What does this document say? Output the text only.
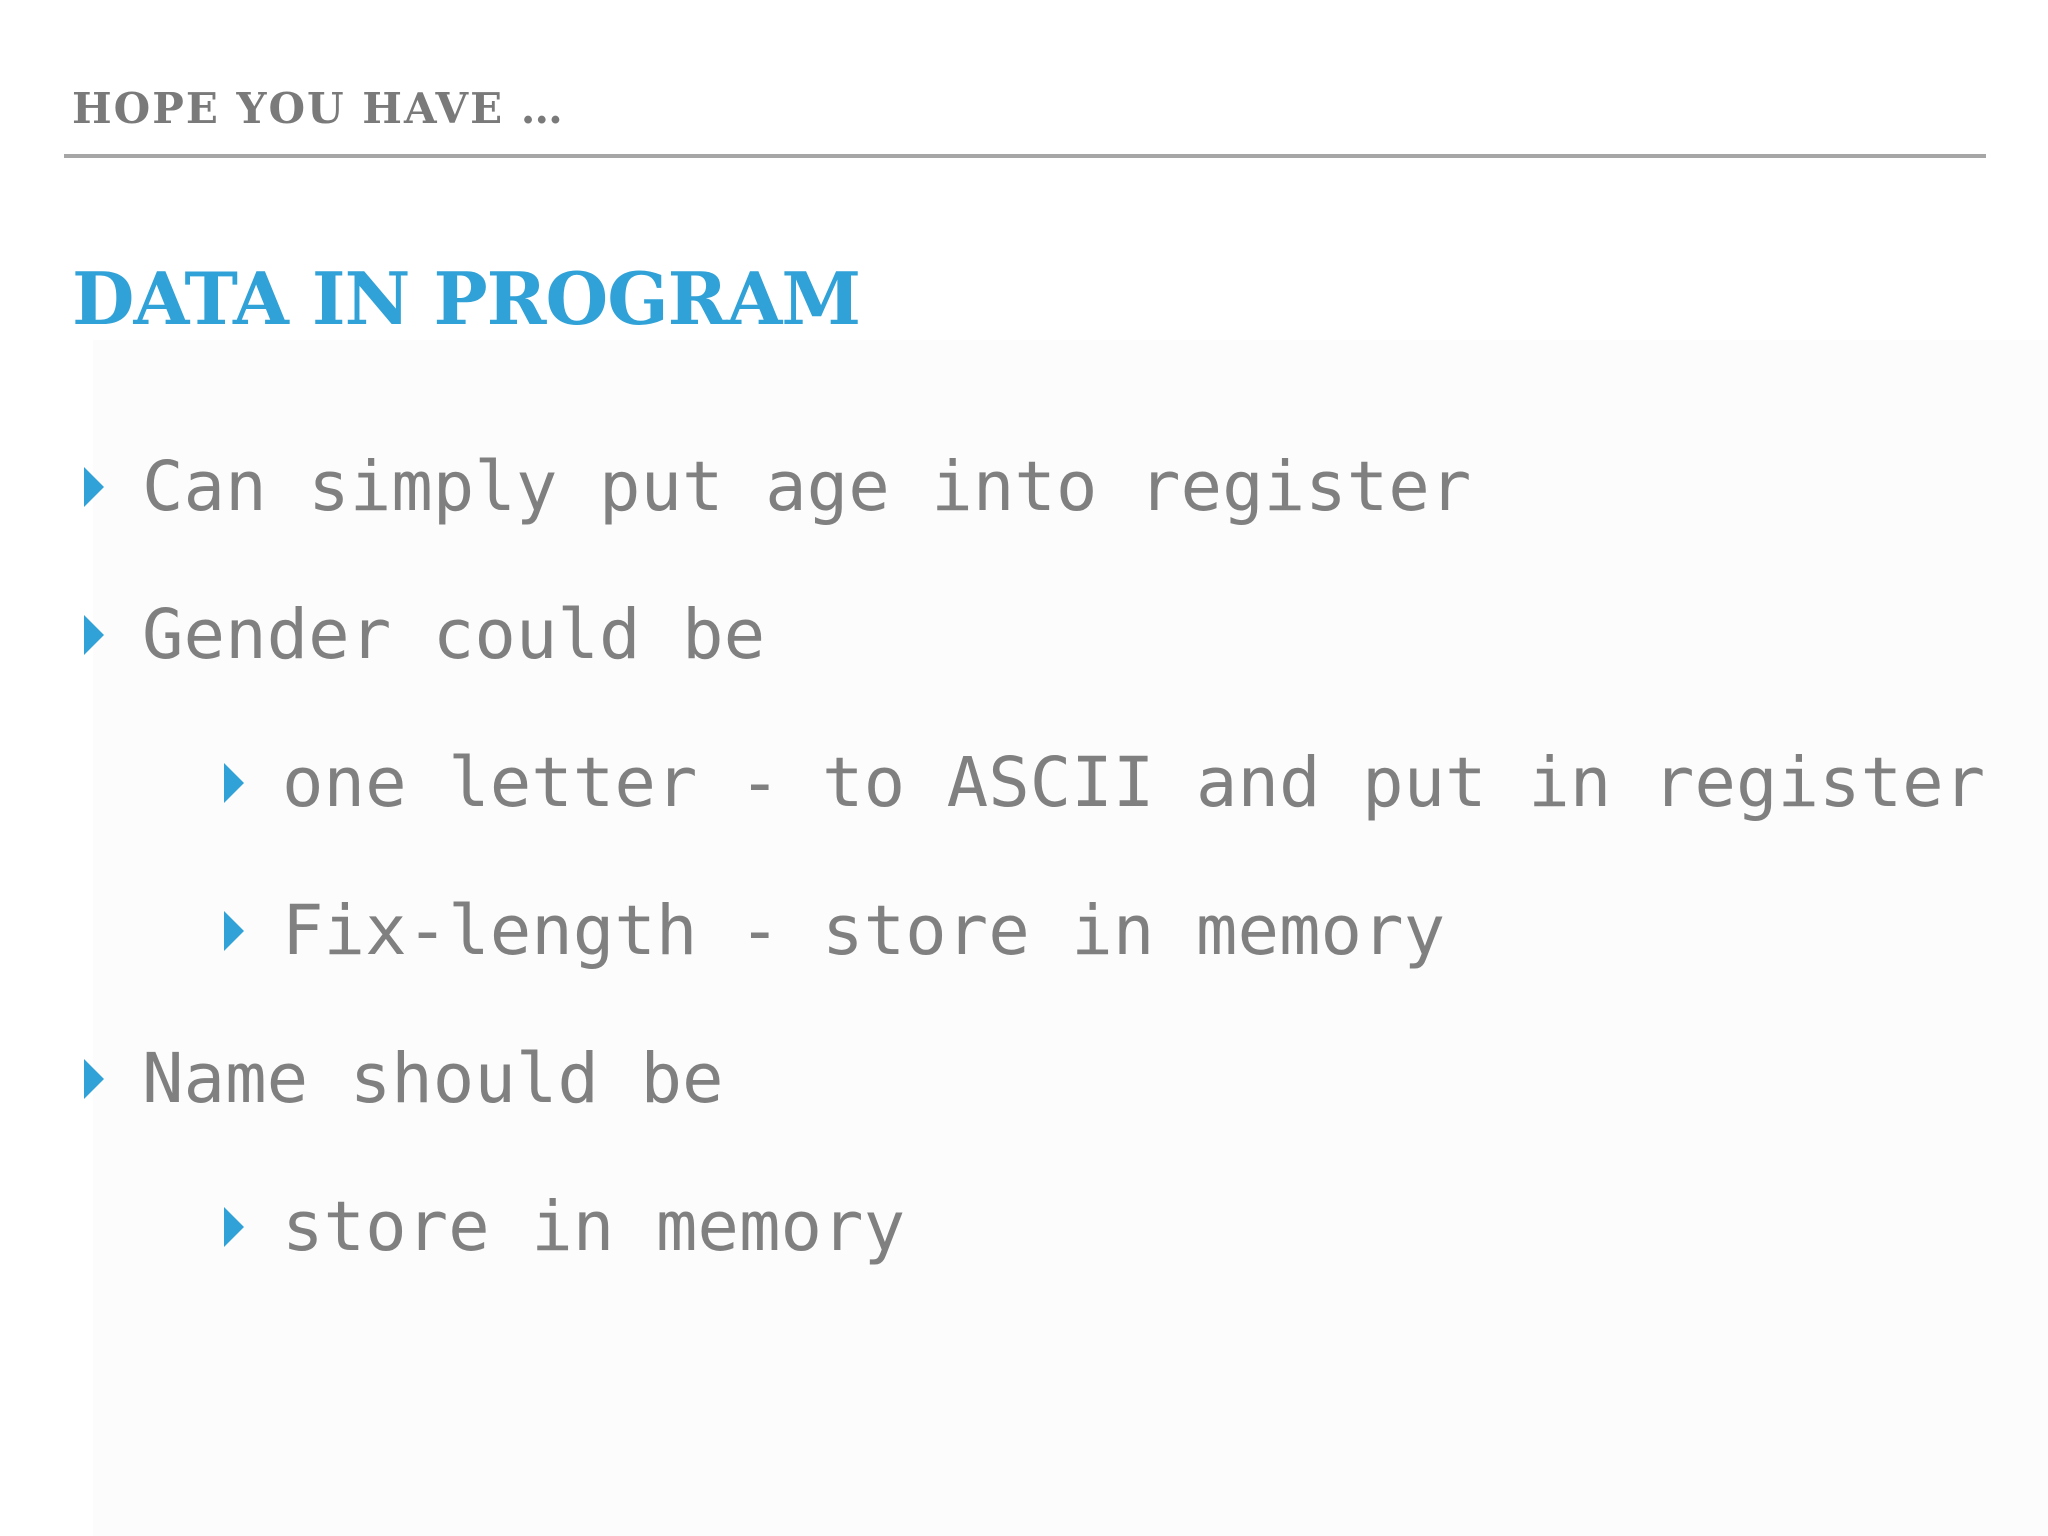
HOPE YOU HAVE …
DATA IN PROGRAM
Can simply put age into register
Gender could be
one letter - to ASCII and put in register
Fix-length - store in memory
Name should be
store in memory
